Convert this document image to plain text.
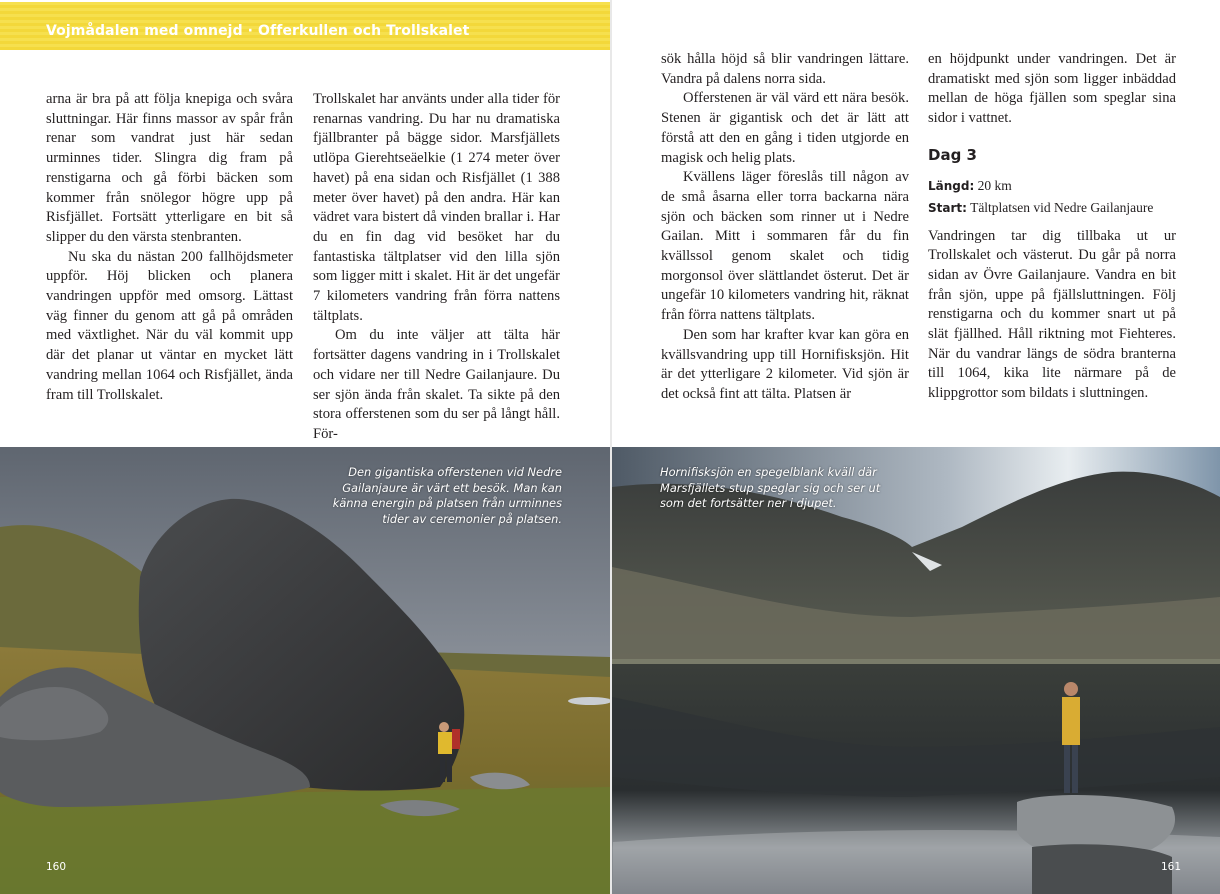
Vojmådalen med omnejd · Offerkullen och Trollskalet

arna är bra på att följa knepiga och svåra sluttningar. Här finns massor av spår från renar som vandrat just här sedan urminnes tider. Slingra dig fram på renstigarna och gå förbi bäcken som kommer från snölegor högre upp på Risfjället. Fortsätt ytterligare en bit så slipper du den värsta stenbranten.

Nu ska du nästan 200 fallhöjdsmeter uppför. Höj blicken och planera vandringen uppför med omsorg. Lättast väg finner du genom att gå på områden med växtlighet. När du väl kommit upp där det planar ut väntar en mycket lätt vandring mellan 1064 och Risfjället, ända fram till Trollskalet.

Trollskalet har använts under alla tider för renarnas vandring. Du har nu dramatiska fjällbranter på bägge sidor. Marsfjällets utlöpa Gierehtseäelkie (1 274 meter över havet) på ena sidan och Risfjället (1 388 meter över havet) på den andra. Här kan vädret vara bistert då vinden brallar i. Har du en fin dag vid besöket har du fantastiska tältplatser vid den lilla sjön som ligger mitt i skalet. Hit är det ungefär 7 kilometers vandring från förra nattens tältplats.

Om du inte väljer att tälta här fortsätter dagens vandring in i Trollskalet och vidare ner till Nedre Gailanjaure. Du ser sjön ända från skalet. Ta sikte på den stora offerstenen som du ser på långt håll. För-

Den gigantiska offerstenen vid Nedre Gailanjaure är värt ett besök. Man kan känna energin på platsen från urminnes tider av ceremonier på platsen.
160

sök hålla höjd så blir vandringen lättare. Vandra på dalens norra sida.

Offerstenen är väl värd ett nära besök. Stenen är gigantisk och det är lätt att förstå att den en gång i tiden utgjorde en magisk och helig plats.

Kvällens läger föreslås till någon av de små åsarna eller torra backarna nära sjön och bäcken som rinner ut i Nedre Gailan. Mitt i sommaren får du fin kvällssol genom skalet och tidig morgonsol över slättlandet österut. Det är ungefär 10 kilometers vandring hit, räknat från förra nattens tältplats.

Den som har krafter kvar kan göra en kvällsvandring upp till Hornifisksjön. Hit är det ytterligare 2 kilometer. Vid sjön är det också fint att tälta. Platsen är

en höjdpunkt under vandringen. Det är dramatiskt med sjön som ligger inbäddad mellan de höga fjällen som speglar sina sidor i vattnet.

Dag 3
Längd: 20 km
Start: Tältplatsen vid Nedre Gailanjaure

Vandringen tar dig tillbaka ut ur Trollskalet och västerut. Du går på norra sidan av Övre Gailanjaure. Vandra en bit från sjön, uppe på fjällsluttningen. Följ renstigarna och du kommer snart ut på slät fjällhed. Håll riktning mot Fiehteres. När du vandrar längs de södra branterna till 1064, kika lite närmare på de klippgrottor som bildats i sluttningen.

Hornifisksjön en spegelblank kväll där Marsfjällets stup speglar sig och ser ut som det fortsätter ner i djupet.
161
